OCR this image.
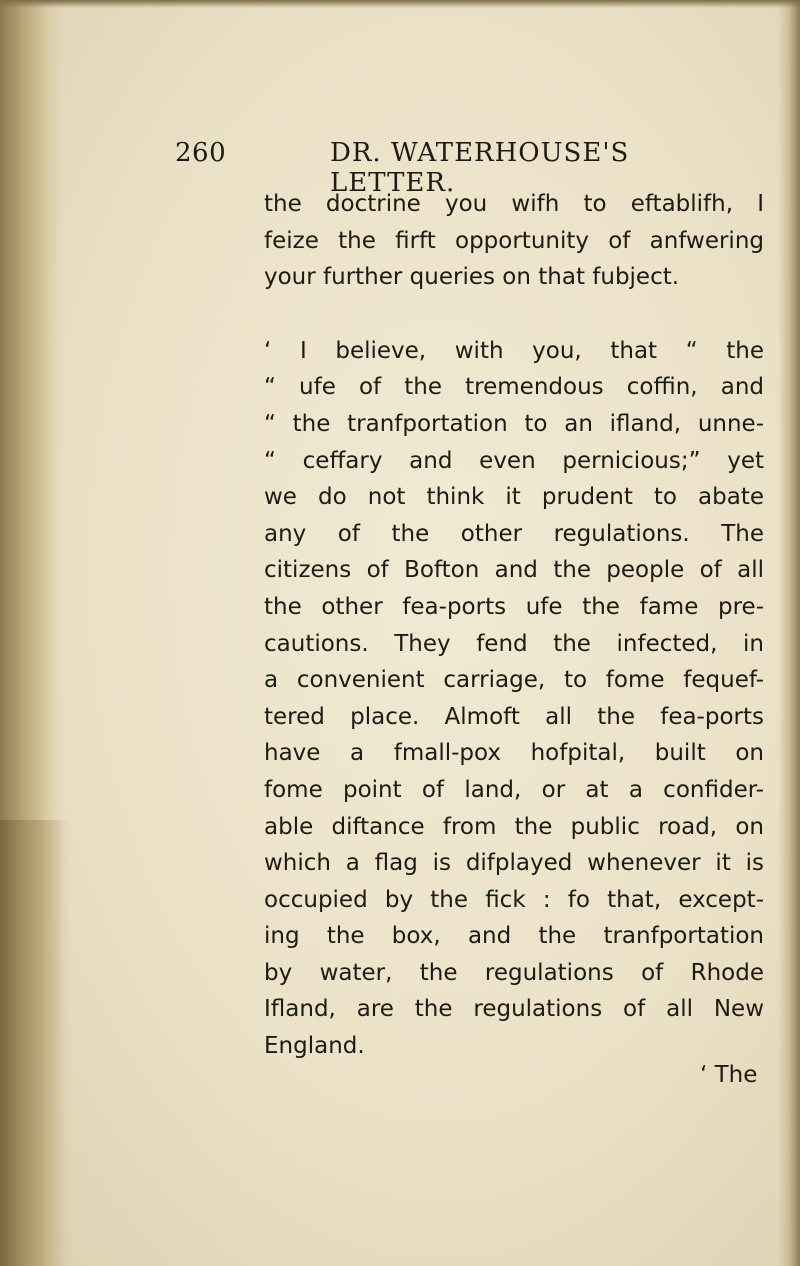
260	DR. WATERHOUSE'S LETTER.
the doctrine you wifh to eftablifh, I
feize the firft opportunity of anfwering
your further queries on that fubject.
‘ I believe, with you, that “ the
“ ufe of the tremendous coffin, and
“ the tranfportation to an ifland, unne-
“ ceffary and even pernicious;” yet
we do not think it prudent to abate
any of the other regulations. The
citizens of Bofton and the people of all
the other fea-ports ufe the fame pre-
cautions. They fend the infected, in
a convenient carriage, to fome fequef-
tered place. Almoft all the fea-ports
have a fmall-pox hofpital, built on
fome point of land, or at a confider-
able diftance from the public road, on
which a flag is difplayed whenever it is
occupied by the fick : fo that, except-
ing the box, and the tranfportation
by water, the regulations of Rhode
Ifland, are the regulations of all New
England.
‘ The
